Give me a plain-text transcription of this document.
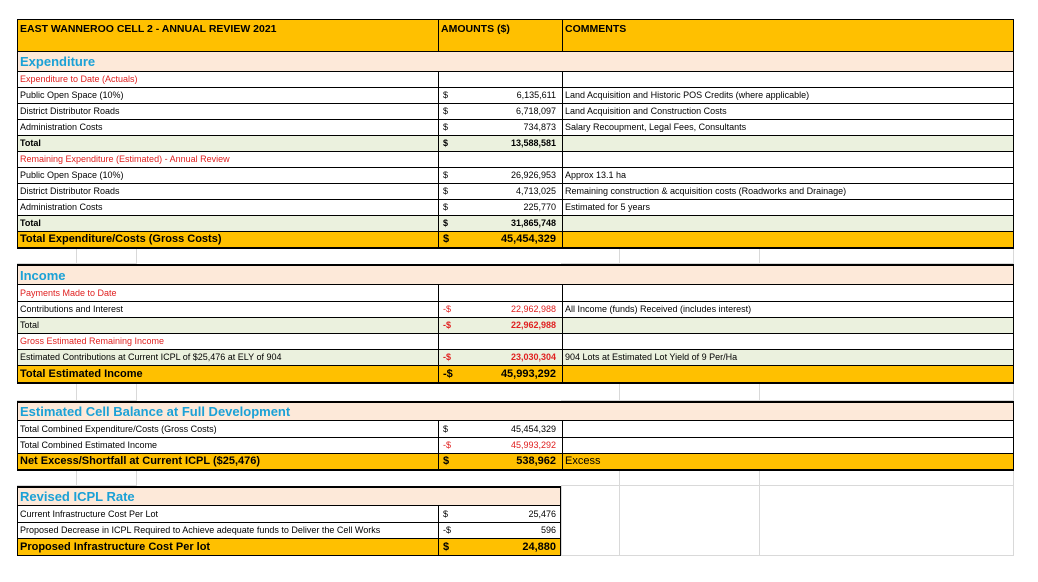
EAST WANNEROO CELL 2 - ANNUAL REVIEW 2021	AMOUNTS ($)	COMMENTS
Expenditure
Expenditure to Date (Actuals)
Public Open Space (10%)	$	6,135,611	Land Acquisition and Historic POS Credits (where applicable)
District Distributor Roads	$	6,718,097	Land Acquisition and Construction Costs
Administration Costs	$	734,873	Salary Recoupment, Legal Fees, Consultants
Total	$	13,588,581
Remaining Expenditure (Estimated) - Annual Review
Public Open Space (10%)	$	26,926,953	Approx 13.1 ha
District Distributor Roads	$	4,713,025	Remaining construction & acquisition costs (Roadworks and Drainage)
Administration Costs	$	225,770	Estimated for 5 years
Total	$	31,865,748
Total Expenditure/Costs (Gross Costs)	$	45,454,329
Income
Payments Made to Date
Contributions and Interest	-$	22,962,988	All Income (funds) Received (includes interest)
Total	-$	22,962,988
Gross Estimated Remaining Income
Estimated Contributions at Current ICPL of $25,476 at ELY of 904	-$	23,030,304	904 Lots at Estimated Lot Yield of 9 Per/Ha
Total Estimated Income	-$	45,993,292
Estimated Cell Balance at Full Development
Total Combined Expenditure/Costs (Gross Costs)	$	45,454,329
Total Combined Estimated Income	-$	45,993,292
Net Excess/Shortfall at Current ICPL ($25,476)	$	538,962 Excess
Revised ICPL Rate
Current Infrastructure Cost Per Lot	$	25,476
Proposed Decrease in ICPL Required to Achieve adequate funds to Deliver the Cell Works	-$	596
Proposed Infrastructure Cost Per lot	$	24,880
